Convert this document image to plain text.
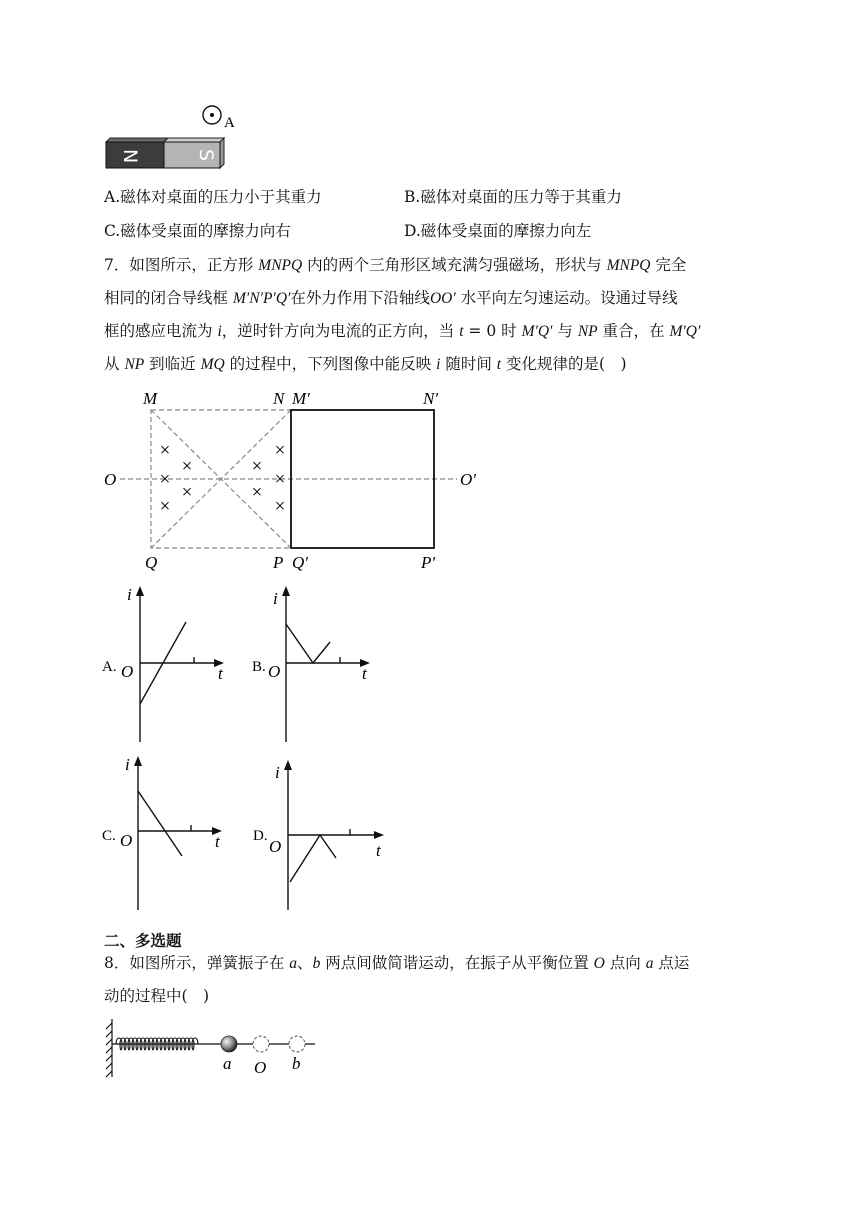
A
N	S
A.磁体对桌面的压力小于其重力	B.磁体对桌面的压力等于其重力
C.磁体受桌面的摩擦力向右	D.磁体受桌面的摩擦力向左
7．如图所示，正方形 MNPQ 内的两个三角形区域充满匀强磁场，形状与 MNPQ 完全
相同的闭合导线框 M′N′P′Q′在外力作用下沿轴线OO′ 水平向左匀速运动。设通过导线
框的感应电流为 i，逆时针方向为电流的正方向，当 t = 0 时 M′Q′ 与 NP 重合，在 M′Q′
从 NP 到临近 MQ 的过程中，下列图像中能反映 i 随时间 t 变化规律的是(　)
×
×
×
×
×
×
×
×
×
×
M	N M′	N′
O	O′
Q	P Q′	P′
A.
i
t
O	B.
i
t
O
C.
i
t
O	D.
i
t
O
二、多选题
8．如图所示，弹簧振子在 a、b 两点间做简谐运动，在振子从平衡位置 O 点向 a 点运
动的过程中(　)
a O b
